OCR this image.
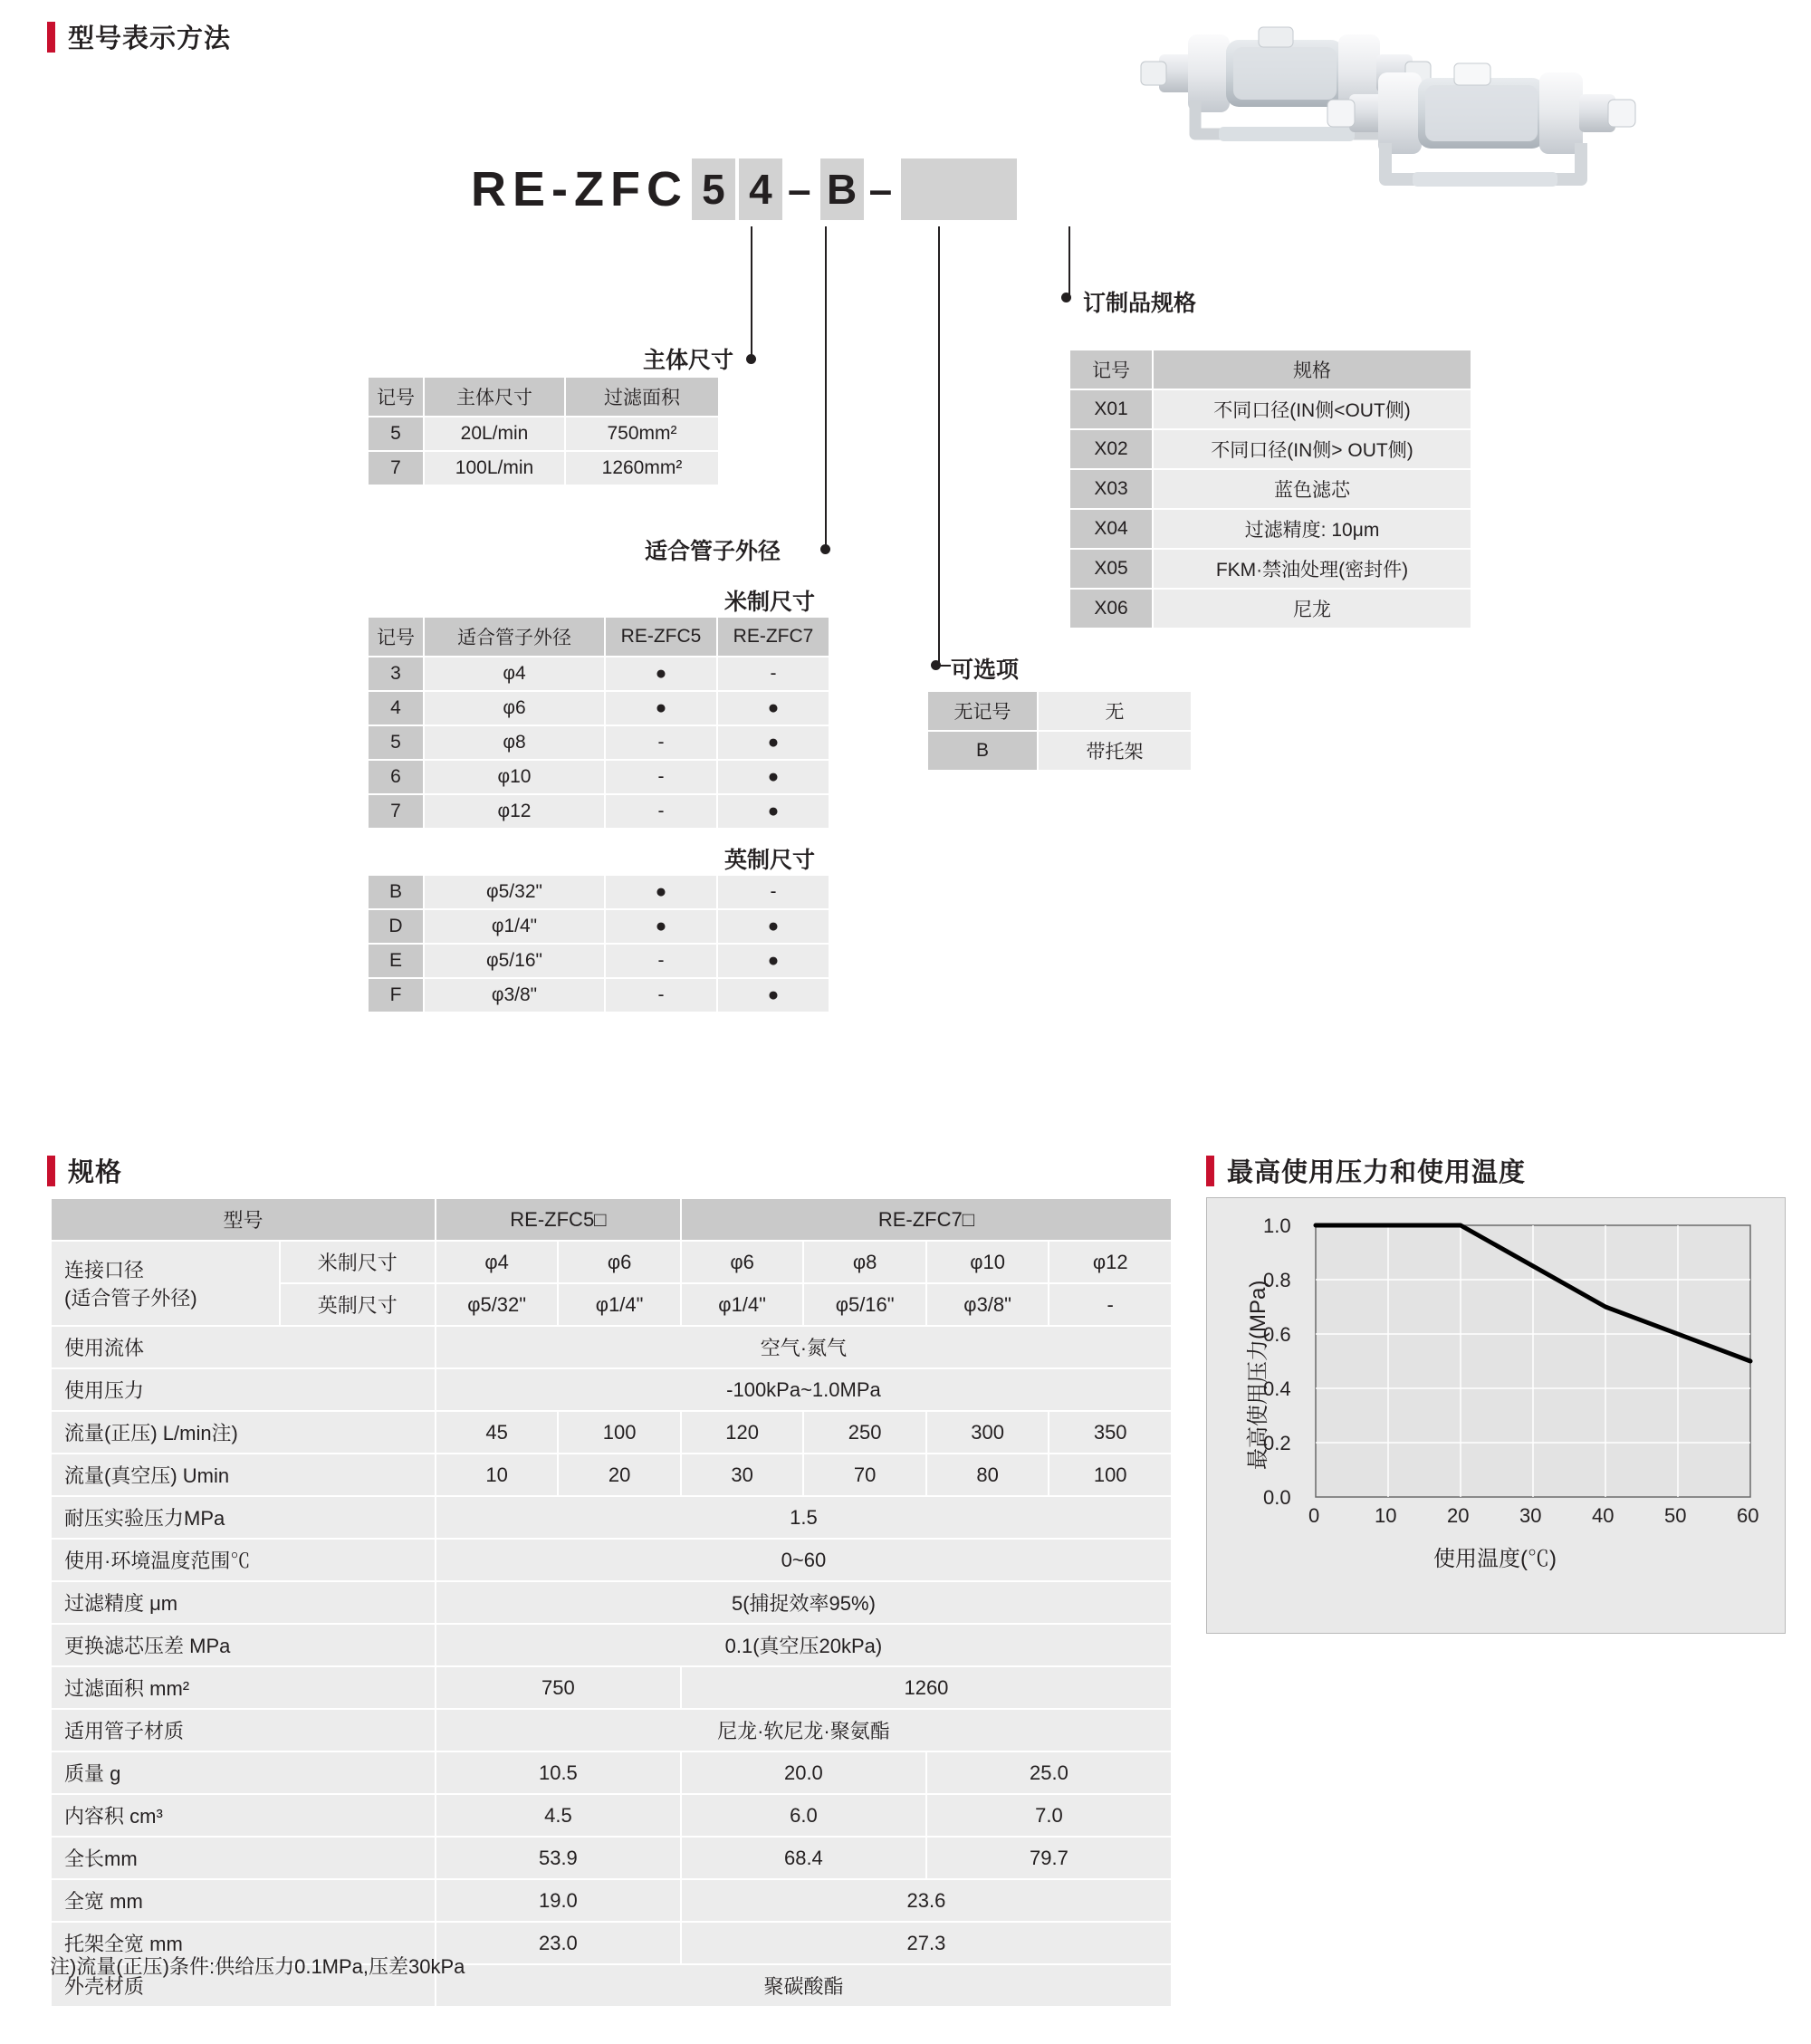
型号表示方法
RE-ZFC 5 4 – B –
主体尺寸
适合管子外径
米制尺寸
英制尺寸
可选项
订制品规格
记号	主体尺寸	过滤面积
5	20L/min	750mm²
7	100L/min	1260mm²
记号	适合管子外径	RE-ZFC5	RE-ZFC7
3	φ4	●	-
4	φ6	●	●
5	φ8	-	●
6	φ10	-	●
7	φ12	-	●
B	φ5/32"	●	-
D	φ1/4"	●	●
E	φ5/16"	-	●
F	φ3/8"	-	●
无记号	无
B	带托架
记号	规格
X01	不同口径(IN侧<OUT侧)
X02	不同口径(IN侧> OUT侧)
X03	蓝色滤芯
X04	过滤精度: 10μm
X05	FKM·禁油处理(密封件)
X06	尼龙
规格	最高使用压力和使用温度
型号		RE-ZFC5□		RE-ZFC7□			
连接口径
(适合管子外径)	米制尺寸	φ4	φ6	φ6	φ8	φ10	φ12
	英制尺寸	φ5/32"	φ1/4"	φ1/4"	φ5/16"	φ3/8"	-
使用流体		空气·氮气					
使用压力		-100kPa~1.0MPa					
流量(正压) L/min注)		45	100	120	250	300	350
流量(真空压) Umin		10	20	30	70	80	100
耐压实验压力MPa		1.5					
使用·环境温度范围℃		0~60					
过滤精度 μm		5(捕捉效率95%)					
更换滤芯压差 MPa		0.1(真空压20kPa)					
过滤面积 mm²		750		1260			
适用管子材质		尼龙·软尼龙·聚氨酯					
质量 g		10.5		20.0		25.0	
内容积 cm³		4.5		6.0		7.0	
全长mm		53.9		68.4		79.7	
全宽 mm		19.0		23.6			
托架全宽 mm		23.0		27.3			
外壳材质		聚碳酸酯					
注)流量(正压)条件:供给压力0.1MPa,压差30kPa
1.0
0.8
0.6
0.4
0.2
0.0
0	10	20	30	40	50	60
最高使用压力(MPa)
使用温度(℃)
